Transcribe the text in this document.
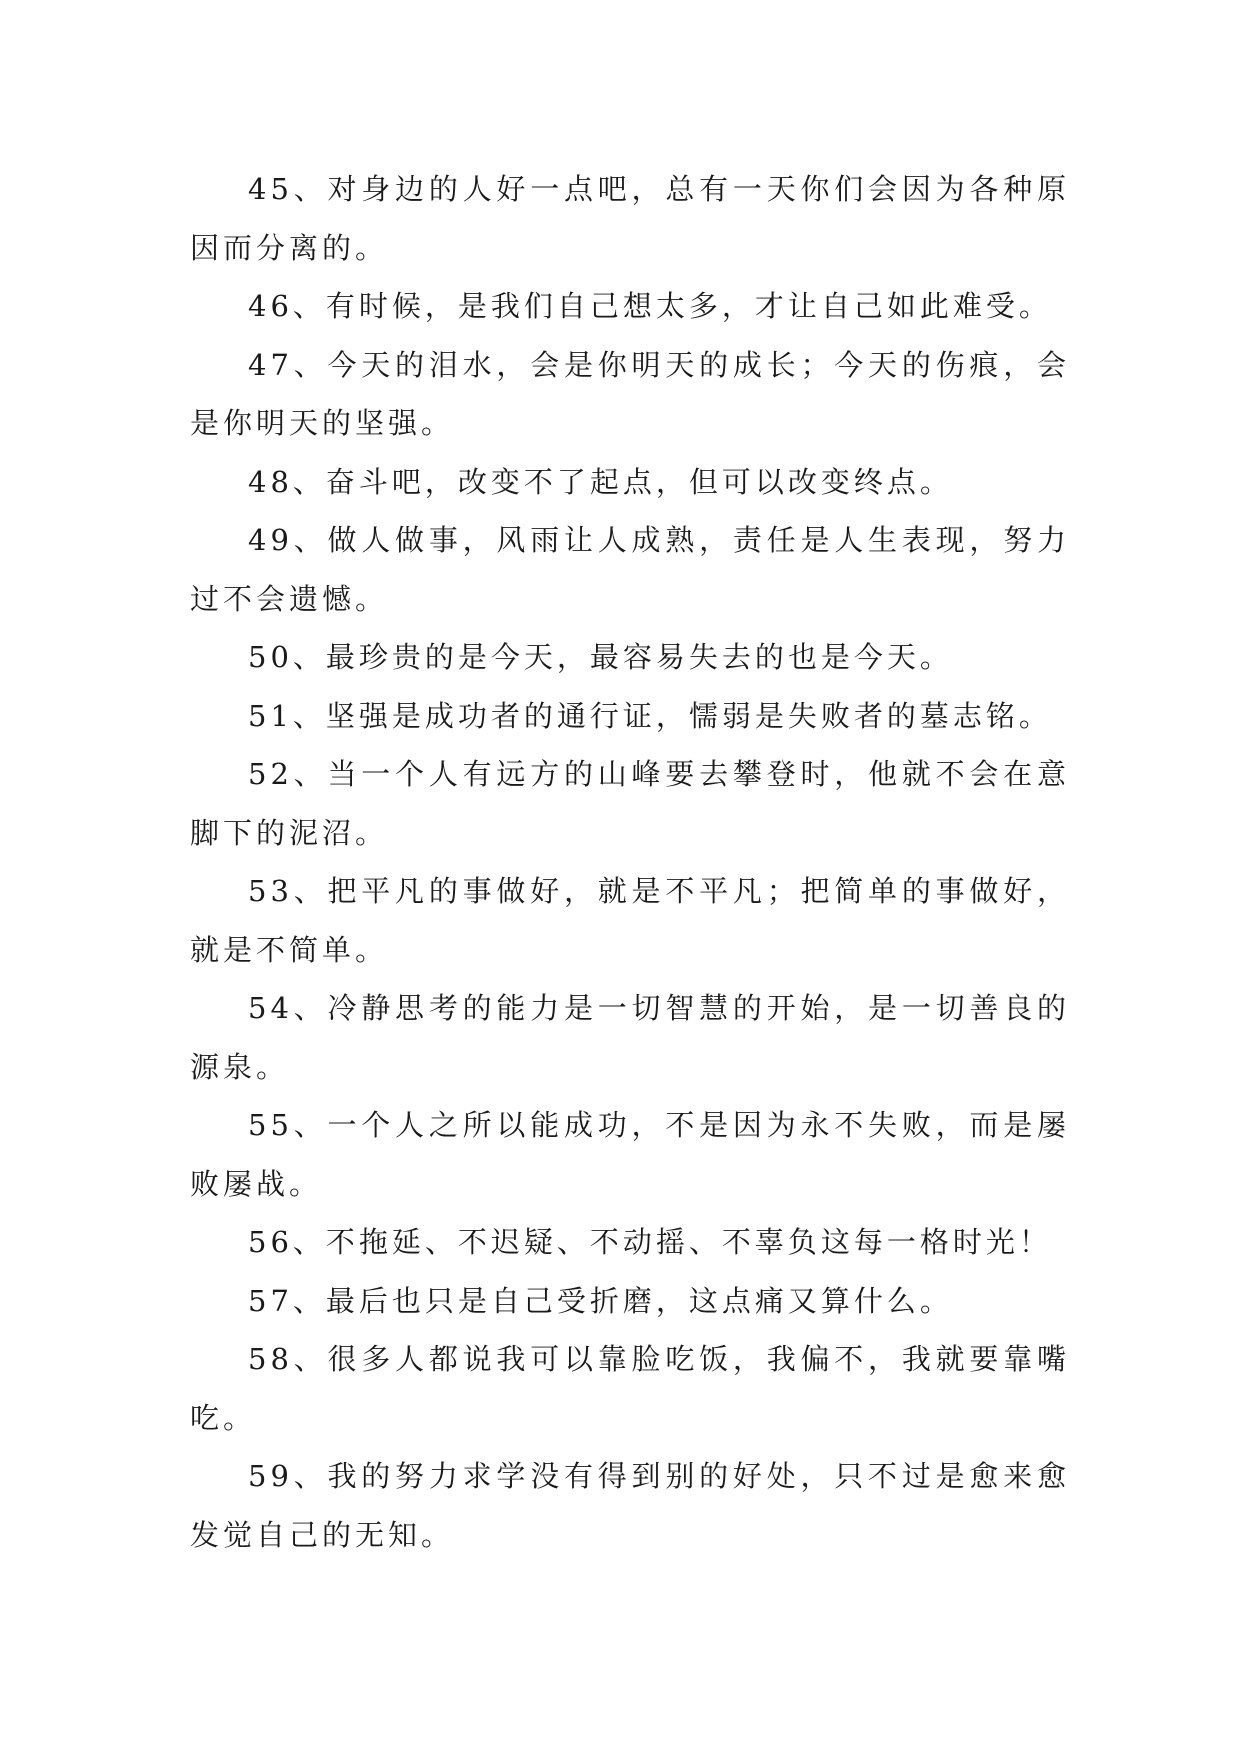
45、对身边的人好一点吧，总有一天你们会因为各种原因而分离的。

46、有时候，是我们自己想太多，才让自己如此难受。

47、今天的泪水，会是你明天的成长；今天的伤痕，会是你明天的坚强。

48、奋斗吧，改变不了起点，但可以改变终点。

49、做人做事，风雨让人成熟，责任是人生表现，努力过不会遗憾。

50、最珍贵的是今天，最容易失去的也是今天。

51、坚强是成功者的通行证，懦弱是失败者的墓志铭。

52、当一个人有远方的山峰要去攀登时，他就不会在意脚下的泥沼。

53、把平凡的事做好，就是不平凡；把简单的事做好，就是不简单。

54、冷静思考的能力是一切智慧的开始，是一切善良的源泉。

55、一个人之所以能成功，不是因为永不失败，而是屡败屡战。

56、不拖延、不迟疑、不动摇、不辜负这每一格时光！

57、最后也只是自己受折磨，这点痛又算什么。

58、很多人都说我可以靠脸吃饭，我偏不，我就要靠嘴吃。

59、我的努力求学没有得到别的好处，只不过是愈来愈发觉自己的无知。
